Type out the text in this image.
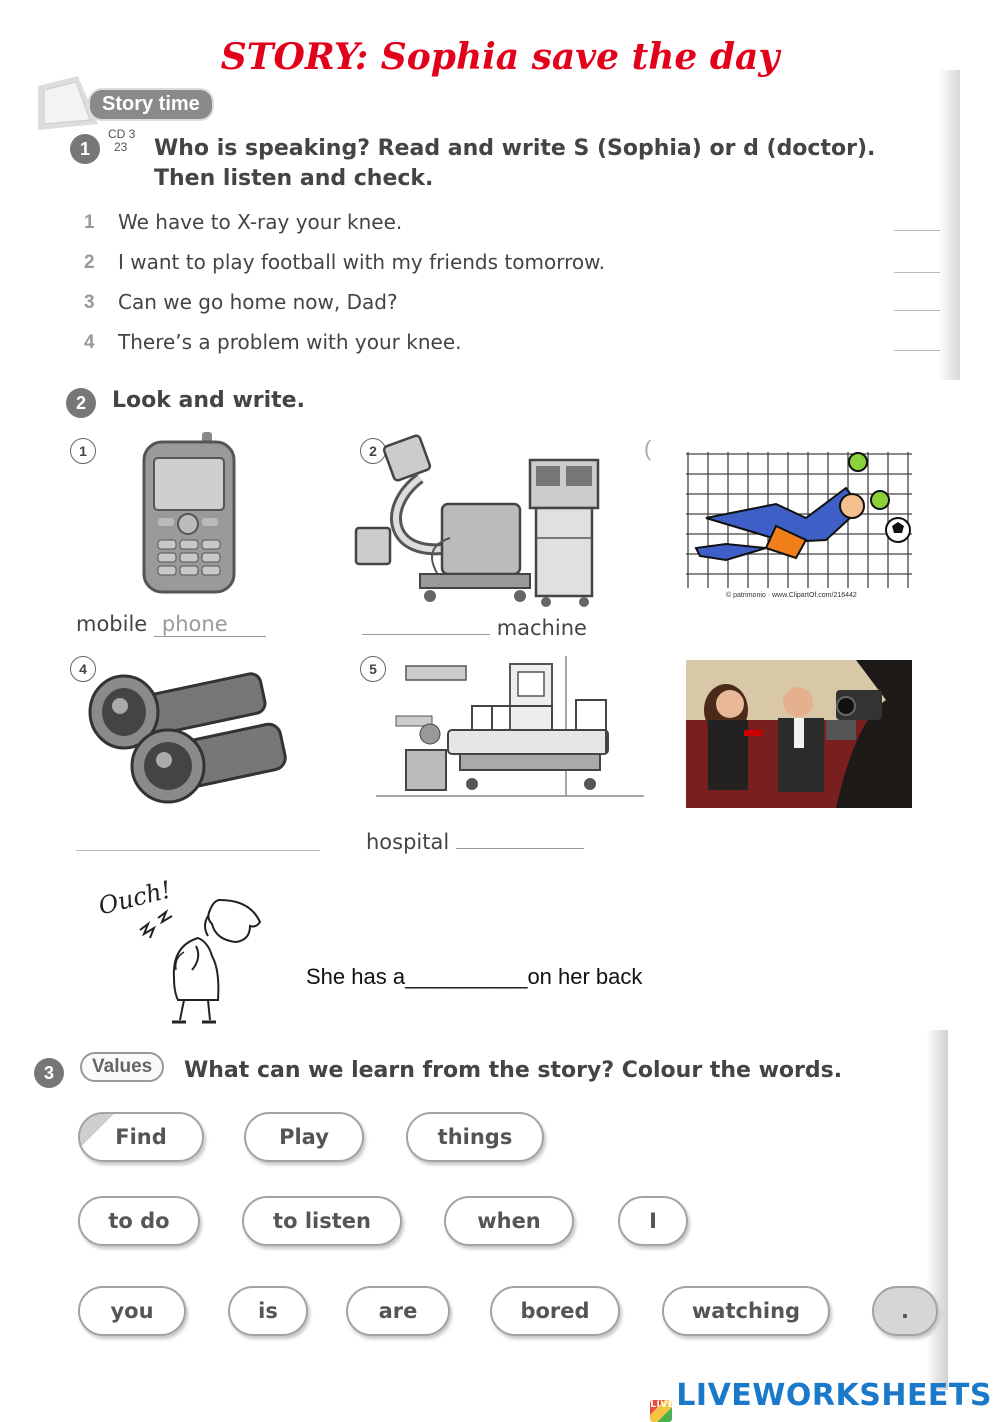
STORY: Sophia save the day
Story time
1
CD 3
23	Who is speaking? Read and write S (Sophia) or d (doctor).
Then listen and check.
1 We have to X-ray your knee.
2 I want to play football with my friends tomorrow.
3 Can we go home now, Dad?
4 There’s a problem with your knee.
2	Look and write.
1
mobile phone
2
machine
(
© patrimonio · www.ClipartOf.com/216442
4	5
hospital
Ouch!
She has a__________on her back
3	Values	What can we learn from the story? Colour the words.
Find	Play	things
to do	to listen	when	I
you	is	are	bored	watching	.
LIVELIVEWORKSHEETS
